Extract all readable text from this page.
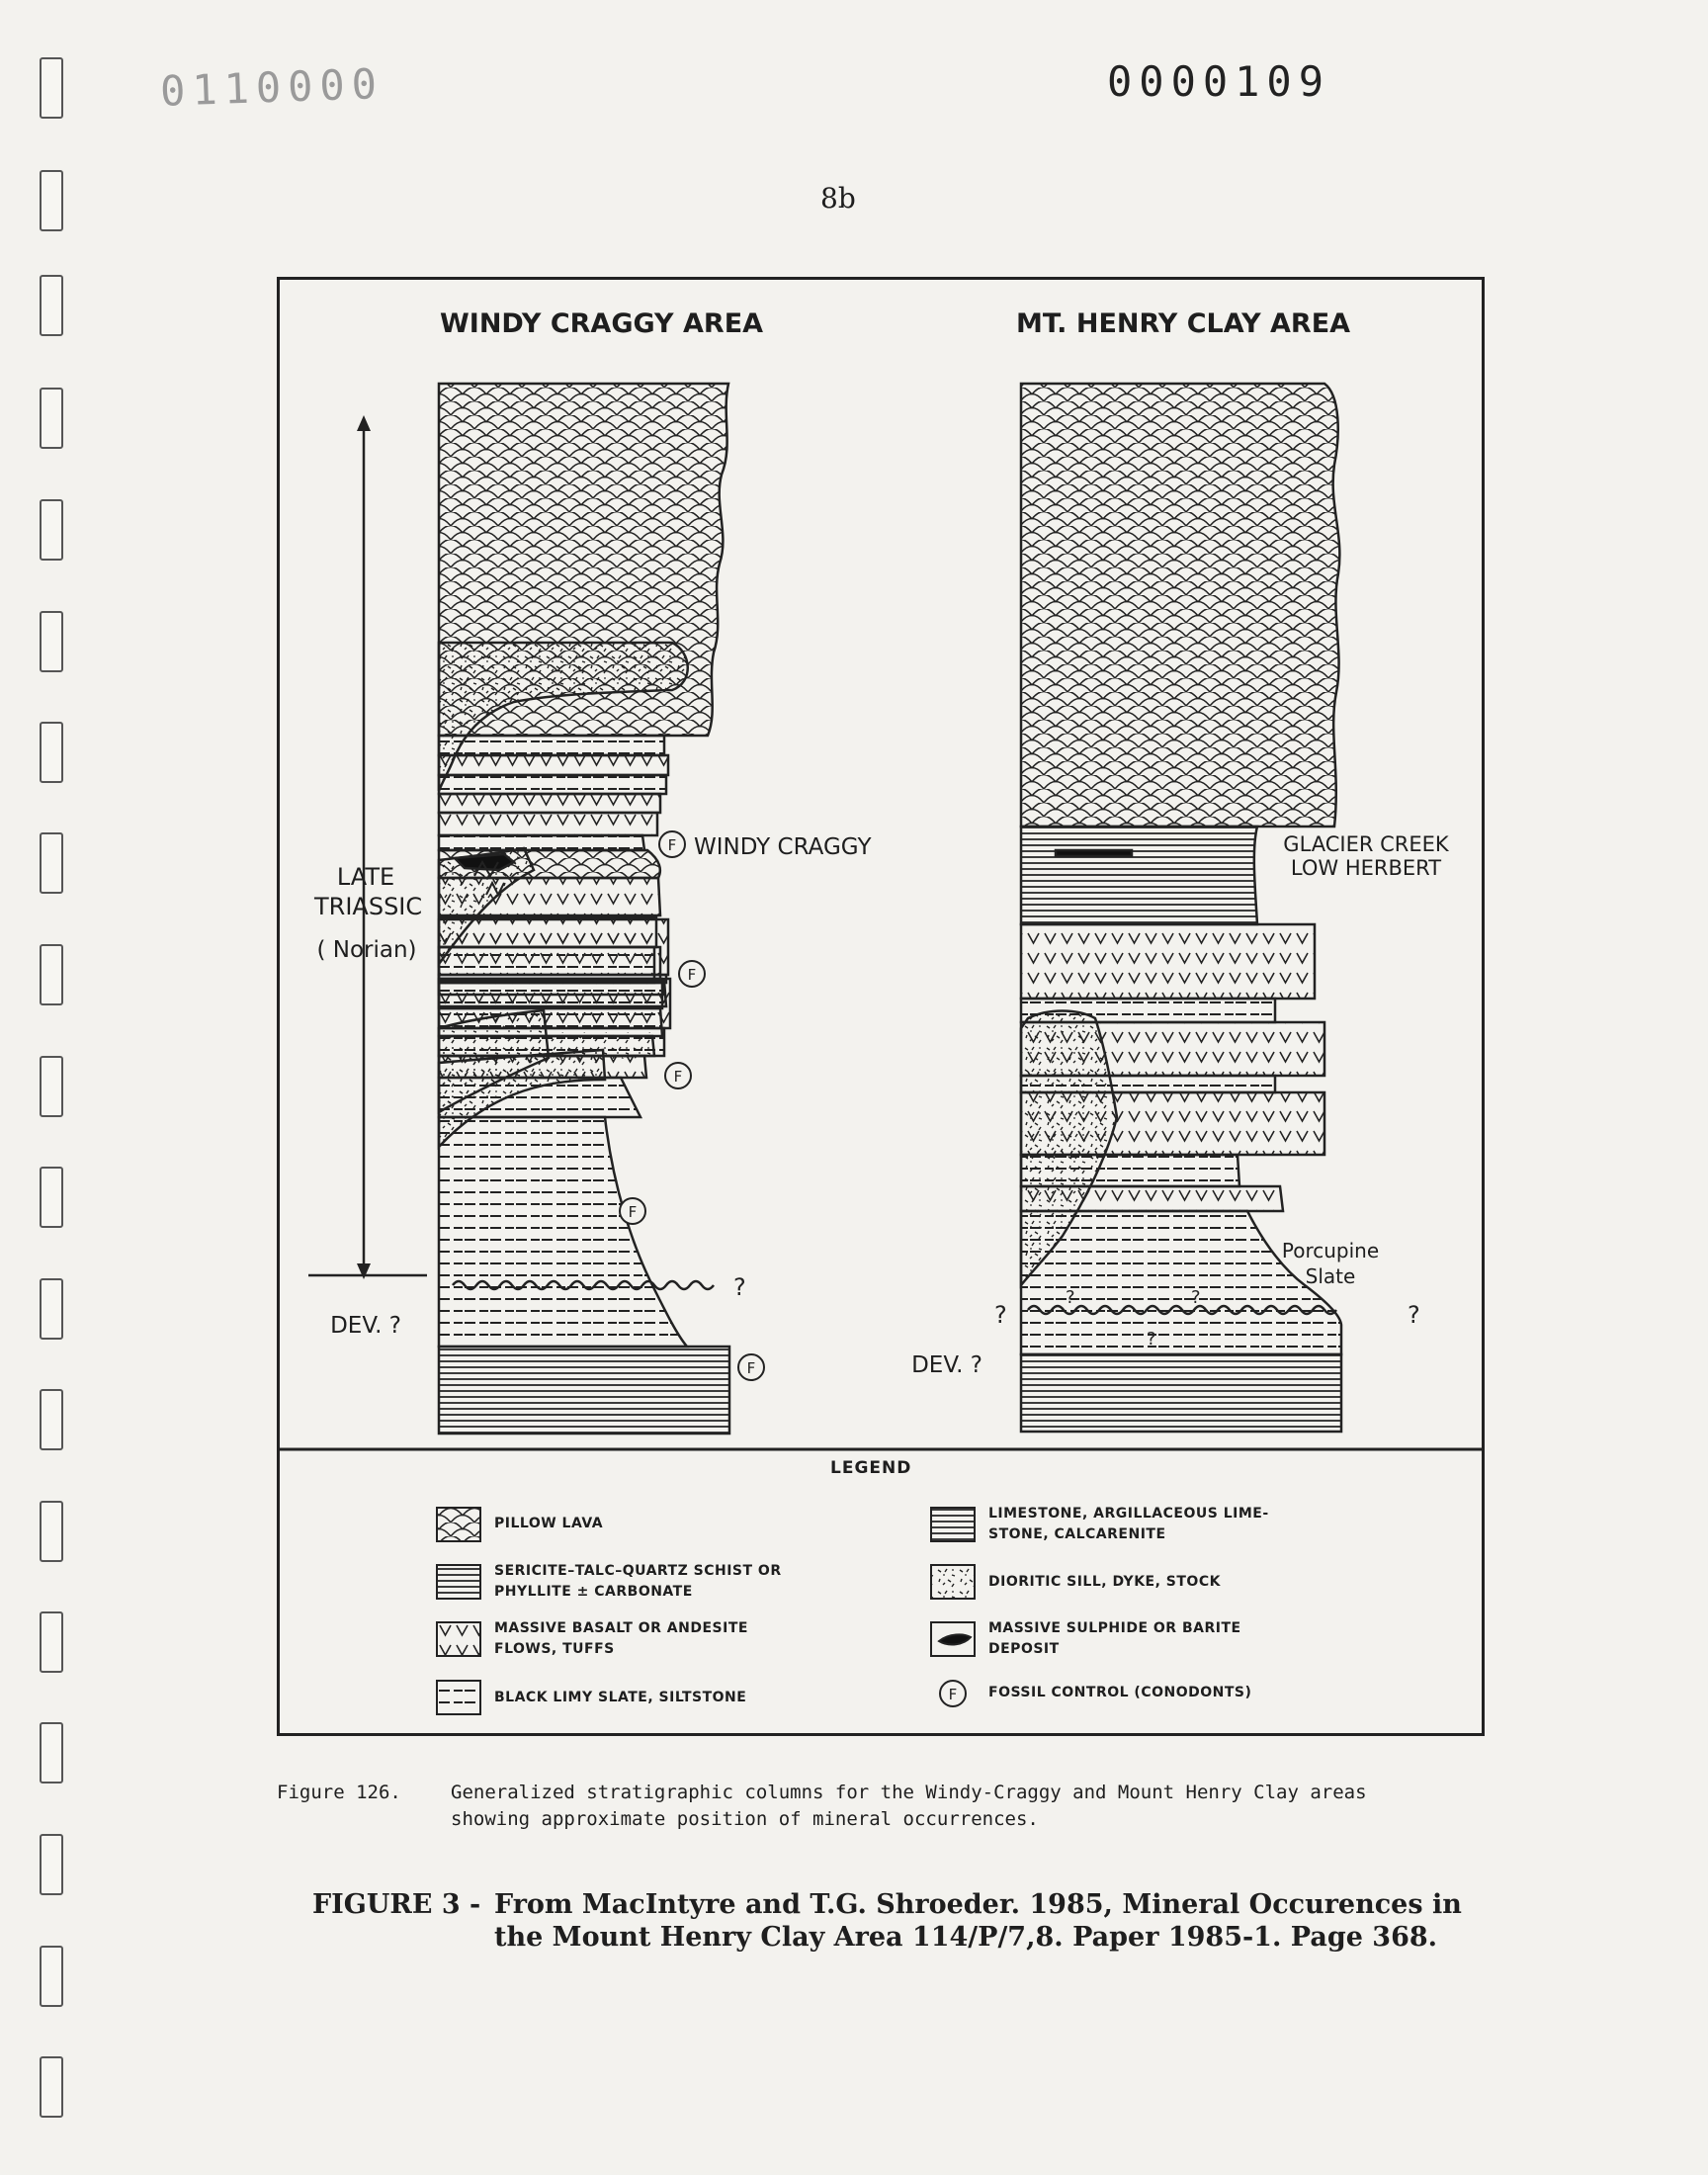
0110000	0000109
8b
F
F
F
F
F
?
?	?
?	?
?
F
WINDY CRAGGY AREA	MT. HENRY CLAY AREA
LATE
TRIASSIC
( Norian)
DEV. ?
DEV. ?
WINDY CRAGGY	GLACIER CREEK
LOW HERBERT
Porcupine
Slate
LEGEND
PILLOW LAVA
SERICITE–TALC–QUARTZ SCHIST OR PHYLLITE ± CARBONATE
MASSIVE BASALT OR ANDESITE FLOWS, TUFFS
BLACK LIMY SLATE, SILTSTONE
LIMESTONE, ARGILLACEOUS LIME-STONE, CALCARENITE
DIORITIC SILL, DYKE, STOCK
MASSIVE SULPHIDE OR BARITE DEPOSIT
FOSSIL CONTROL (CONODONTS)
Figure 126.	Generalized stratigraphic columns for the Windy-Craggy and Mount Henry Clay areas showing approximate position of mineral occurrences.
FIGURE 3 - From MacIntyre and T.G. Shroeder. 1985, Mineral Occurences in the Mount Henry Clay Area 114/P/7,8. Paper 1985-1. Page 368.
